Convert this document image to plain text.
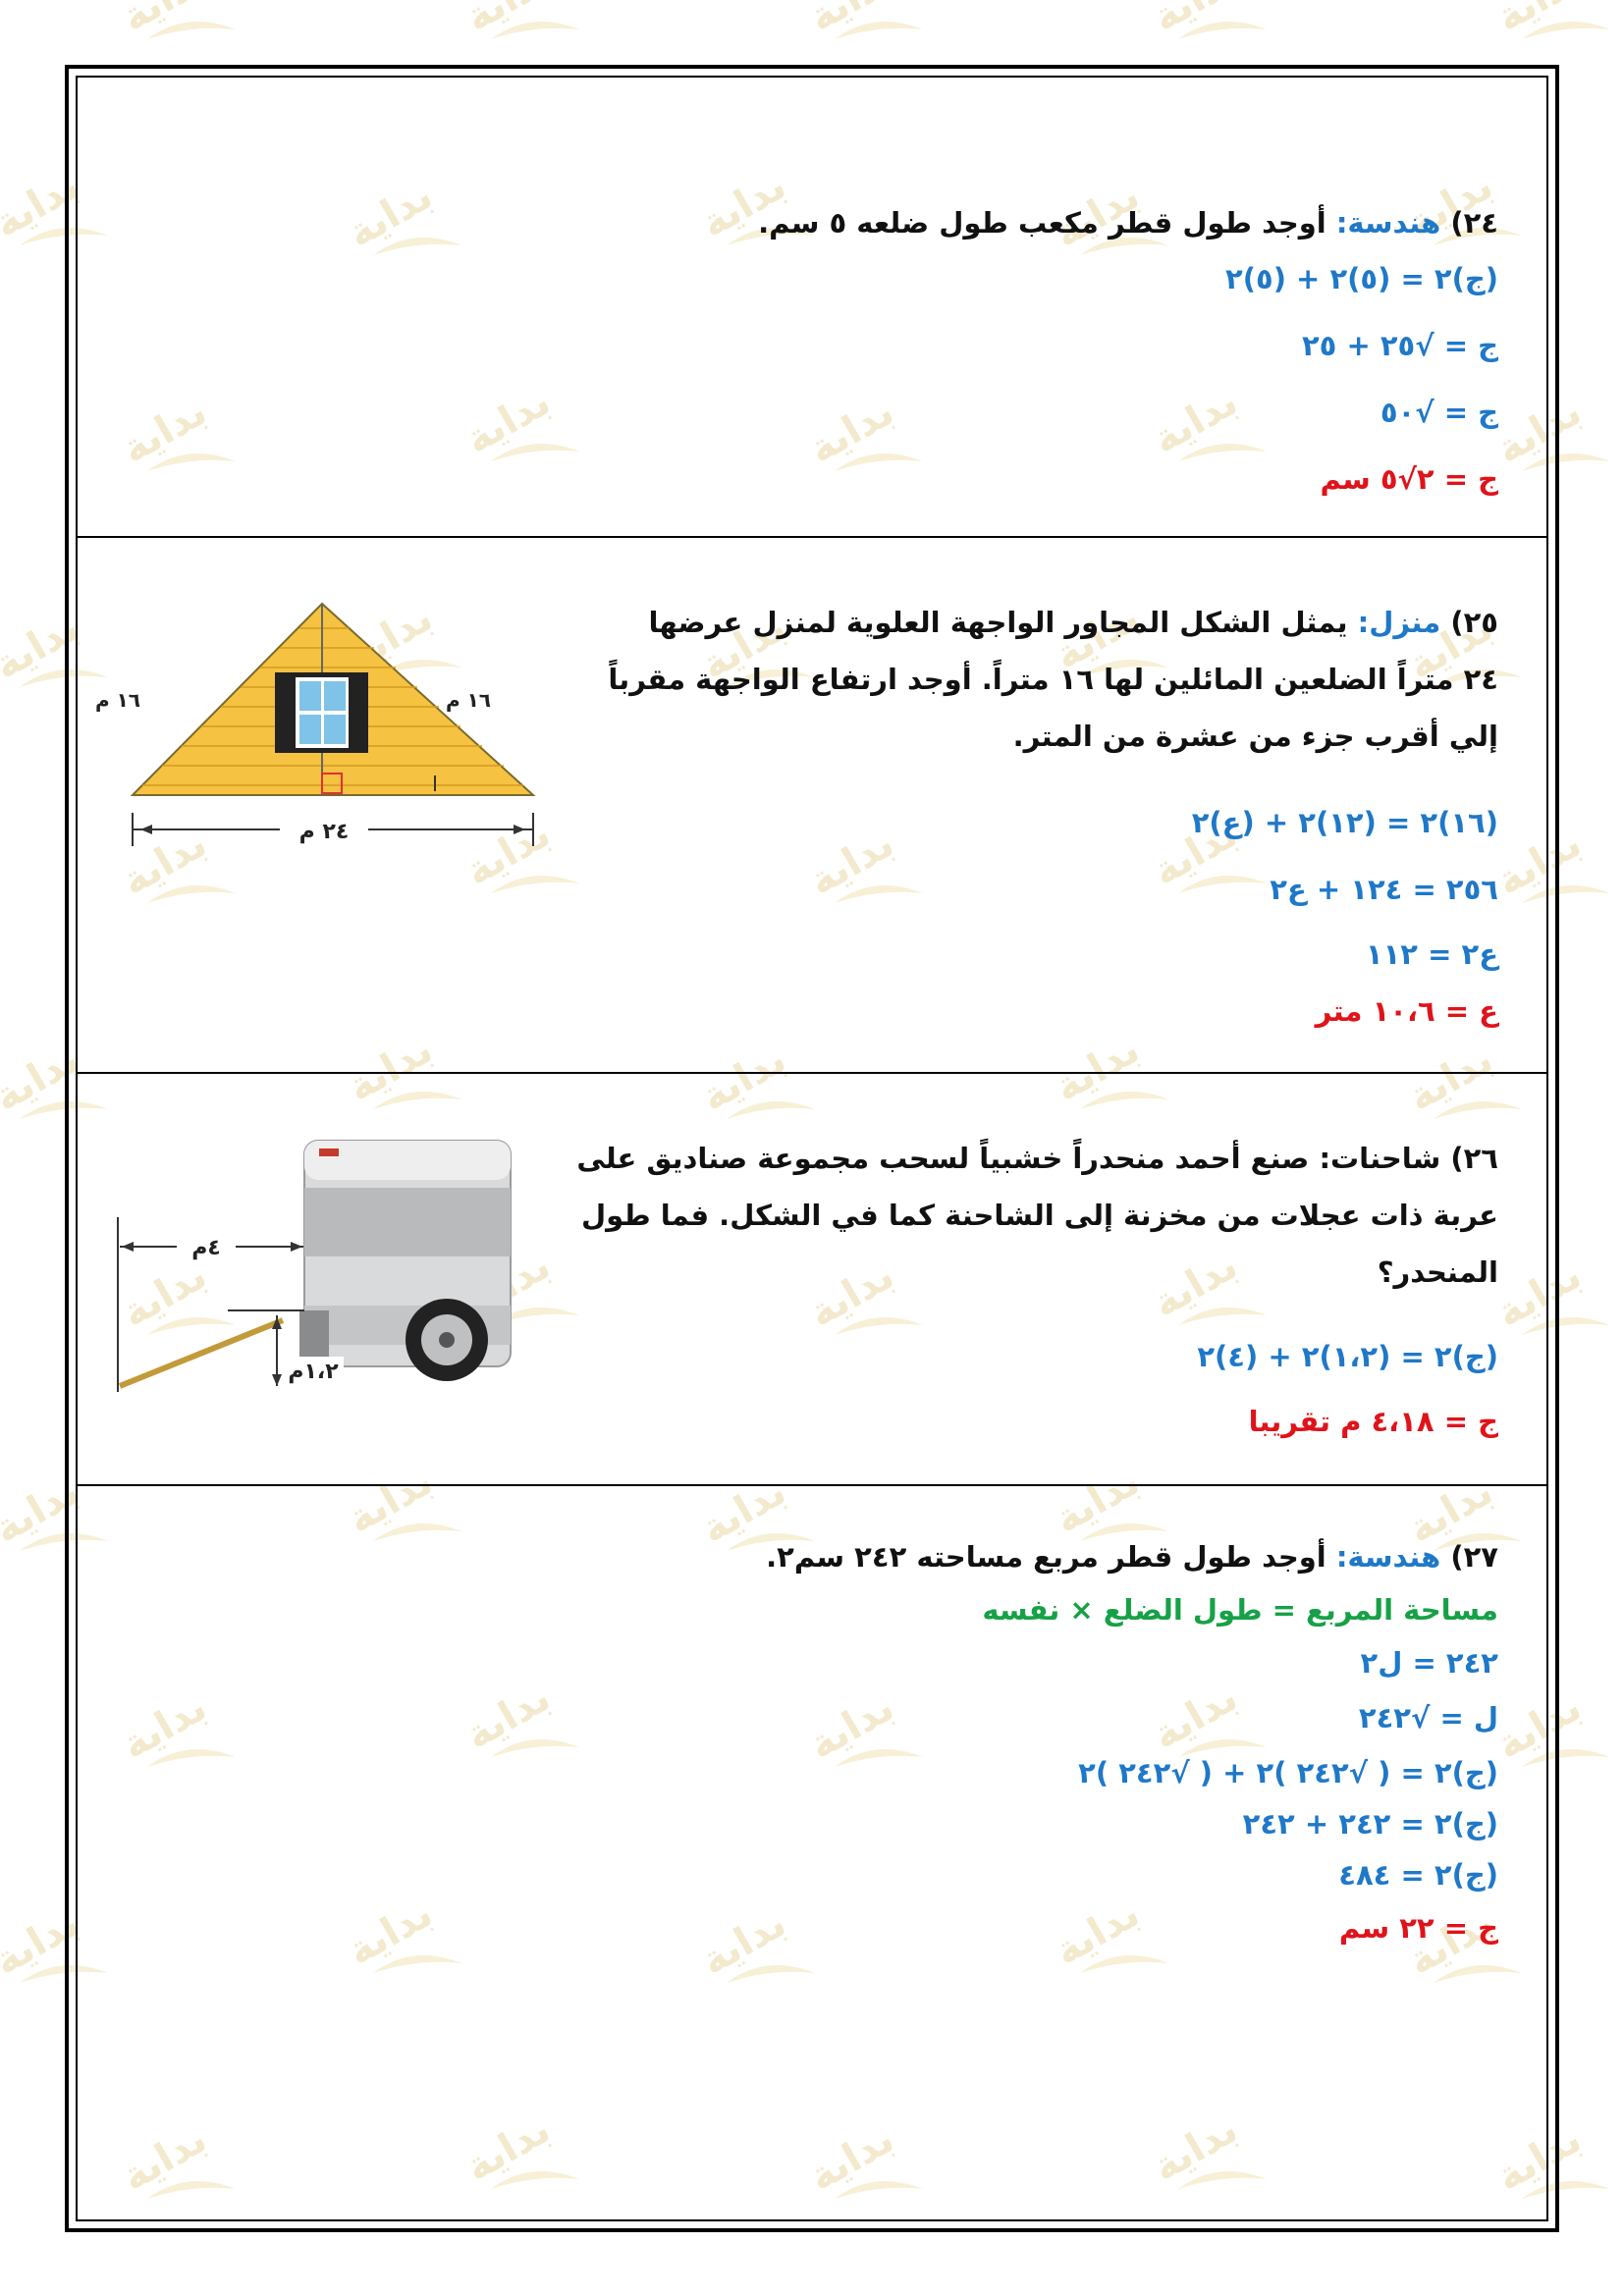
٢٤) هندسة: أوجد طول قطر مكعب طول ضلعه ٥ سم.
(ج)٢ = (٥)٢ + (٥)٢
ج = √٢٥ + ٢٥
ج = √٥٠
ج = ٢√٥ سم
٢٥) منزل: يمثل الشكل المجاور الواجهة العلوية لمنزل عرضها
٢٤ متراً الضلعين المائلين لها ١٦ متراً. أوجد ارتفاع الواجهة مقرباً
إلي أقرب جزء من عشرة من المتر.
(١٦)٢ = (١٢)٢ + (ع)٢
٢٥٦ = ١٢٤ + ع٢
ع٢ = ١١٢
ع = ١٠،٦ متر
٢٤ م
١٦ م	١٦ م
٢٦) شاحنات: صنع أحمد منحدراً خشبياً لسحب مجموعة صناديق على
عربة ذات عجلات من مخزنة إلى الشاحنة كما في الشكل. فما طول
المنحدر؟
(ج)٢ = (١،٢)٢ + (٤)٢
ج = ٤،١٨ م تقريبا
٤م
١،٢م
٢٧) هندسة: أوجد طول قطر مربع مساحته ٢٤٢ سم٢.
مساحة المربع = طول الضلع × نفسه
٢٤٢ = ل٢
ل = √٢٤٢
(ج)٢ = ( √٢٤٢ )٢ + ( √٢٤٢ )٢
(ج)٢ = ٢٤٢ + ٢٤٢
(ج)٢ = ٤٨٤
ج = ٢٢ سم
